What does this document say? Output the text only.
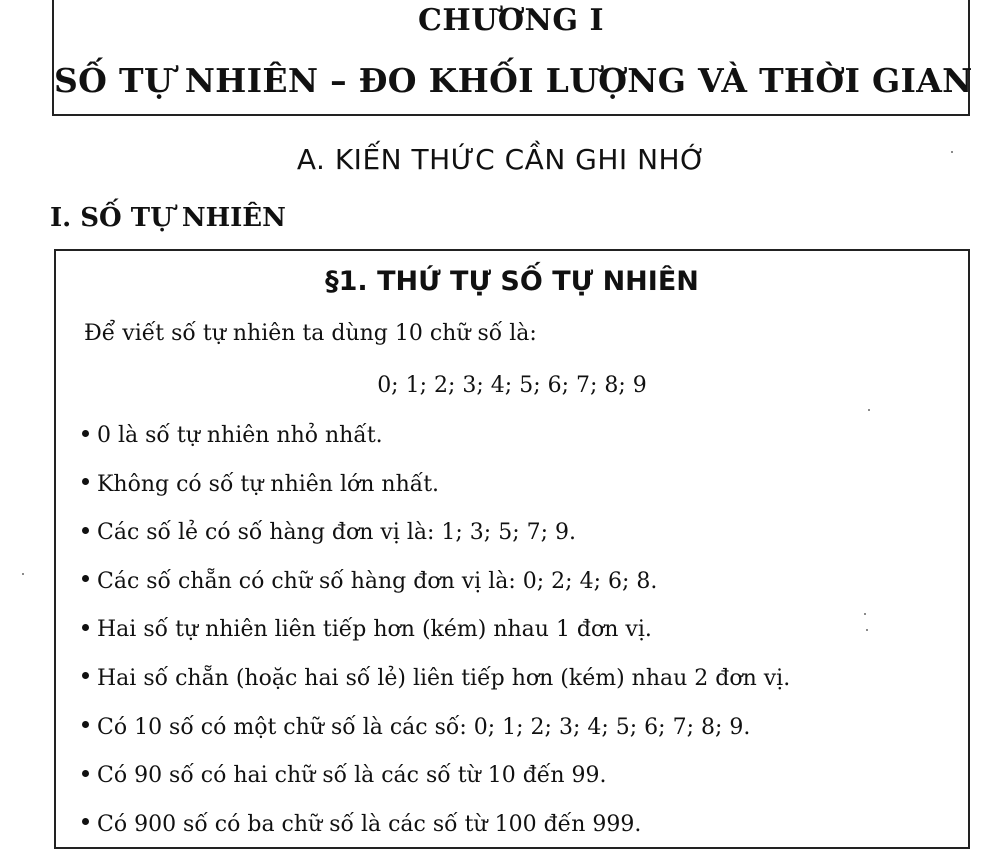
CHƯƠNG I
SỐ TỰ NHIÊN – ĐO KHỐI LƯỢNG VÀ THỜI GIAN
A. KIẾN THỨC CẦN GHI NHỚ
I. SỐ TỰ NHIÊN
§1. THỨ TỰ SỐ TỰ NHIÊN
Để viết số tự nhiên ta dùng 10 chữ số là:
0; 1; 2; 3; 4; 5; 6; 7; 8; 9
0 là số tự nhiên nhỏ nhất.
Không có số tự nhiên lớn nhất.
Các số lẻ có số hàng đơn vị là: 1; 3; 5; 7; 9.
Các số chẵn có chữ số hàng đơn vị là: 0; 2; 4; 6; 8.
Hai số tự nhiên liên tiếp hơn (kém) nhau 1 đơn vị.
Hai số chẵn (hoặc hai số lẻ) liên tiếp hơn (kém) nhau 2 đơn vị.
Có 10 số có một chữ số là các số: 0; 1; 2; 3; 4; 5; 6; 7; 8; 9.
Có 90 số có hai chữ số là các số từ 10 đến 99.
Có 900 số có ba chữ số là các số từ 100 đến 999.
